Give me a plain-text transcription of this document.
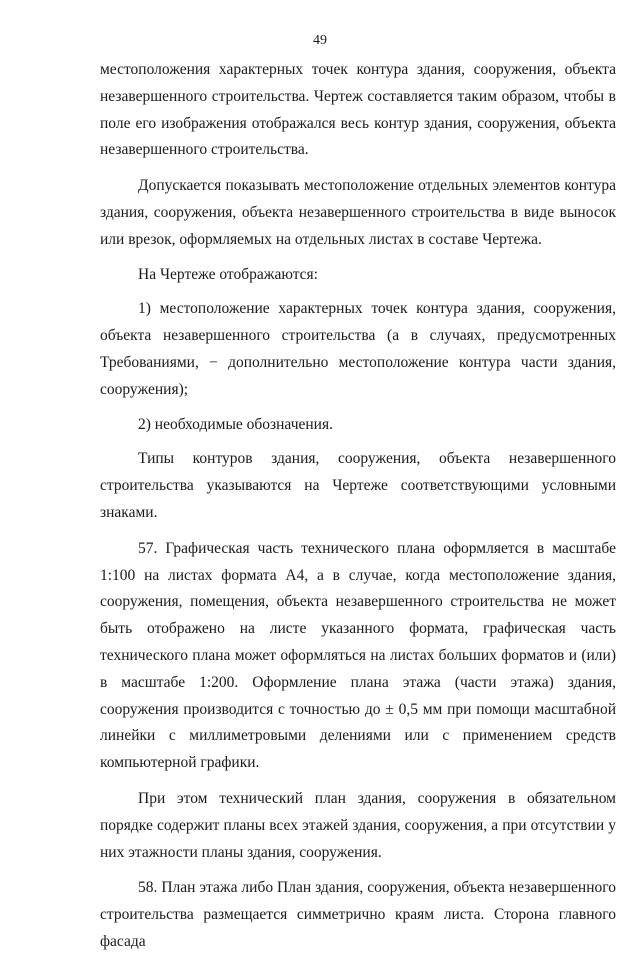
49

местоположения характерных точек контура здания, сооружения, объекта незавершенного строительства. Чертеж составляется таким образом, чтобы в поле его изображения отображался весь контур здания, сооружения, объекта незавершенного строительства.

Допускается показывать местоположение отдельных элементов контура здания, сооружения, объекта незавершенного строительства в виде выносок или врезок, оформляемых на отдельных листах в составе Чертежа.

На Чертеже отображаются:

1) местоположение характерных точек контура здания, сооружения, объекта незавершенного строительства (а в случаях, предусмотренных Требованиями, − дополнительно местоположение контура части здания, сооружения);

2) необходимые обозначения.

Типы контуров здания, сооружения, объекта незавершенного строительства указываются на Чертеже соответствующими условными знаками.

57. Графическая часть технического плана оформляется в масштабе 1:100 на листах формата А4, а в случае, когда местоположение здания, сооружения, помещения, объекта незавершенного строительства не может быть отображено на листе указанного формата, графическая часть технического плана может оформляться на листах больших форматов и (или) в масштабе 1:200. Оформление плана этажа (части этажа) здания, сооружения производится с точностью до ± 0,5 мм при помощи масштабной линейки с миллиметровыми делениями или с применением средств компьютерной графики.

При этом технический план здания, сооружения в обязательном порядке содержит планы всех этажей здания, сооружения, а при отсутствии у них этажности планы здания, сооружения.

58. План этажа либо План здания, сооружения, объекта незавершенного строительства размещается симметрично краям листа. Сторона главного фасада
